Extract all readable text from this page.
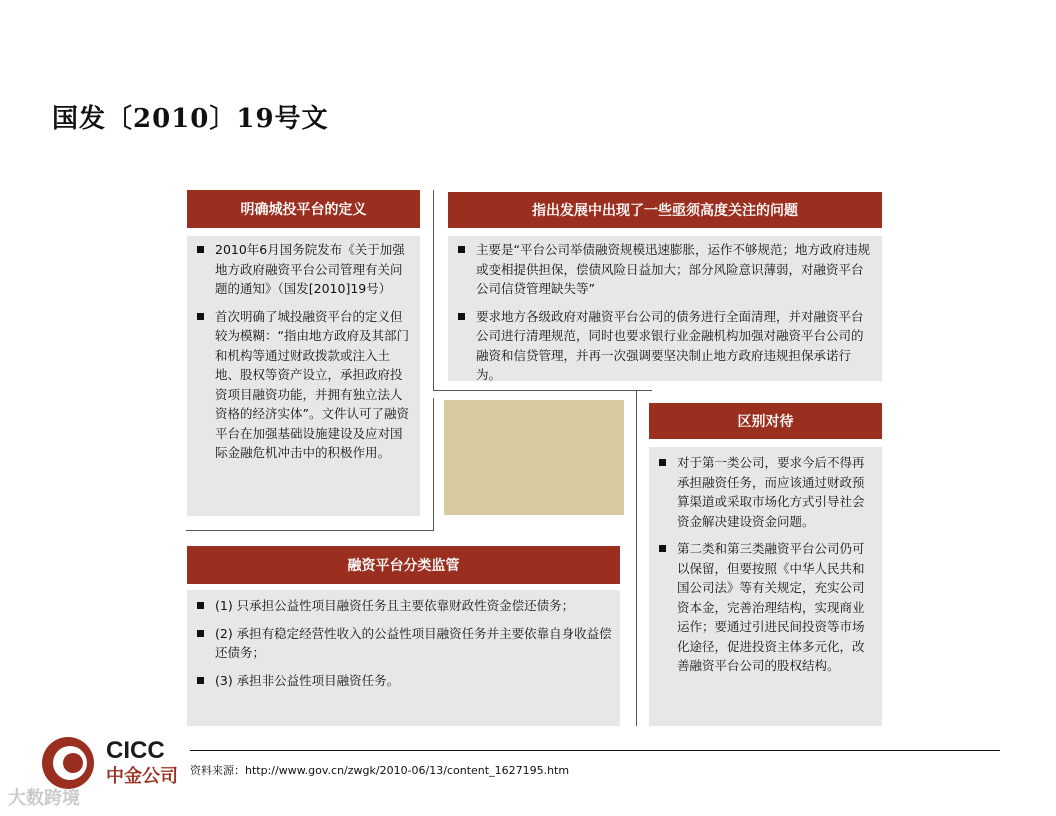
国发〔2010〕19号文
明确城投平台的定义
2010年6月国务院发布《关于加强地方政府融资平台公司管理有关问题的通知》（国发[2010]19号）
首次明确了城投融资平台的定义但较为模糊：“指由地方政府及其部门和机构等通过财政拨款或注入土地、股权等资产设立，承担政府投资项目融资功能，并拥有独立法人资格的经济实体”。文件认可了融资平台在加强基础设施建设及应对国际金融危机冲击中的积极作用。
指出发展中出现了一些亟须高度关注的问题
主要是“平台公司举债融资规模迅速膨胀，运作不够规范；地方政府违规或变相提供担保，偿债风险日益加大；部分风险意识薄弱，对融资平台公司信贷管理缺失等”
要求地方各级政府对融资平台公司的债务进行全面清理，并对融资平台公司进行清理规范，同时也要求银行业金融机构加强对融资平台公司的融资和信贷管理，并再一次强调要坚决制止地方政府违规担保承诺行为。
区别对待
对于第一类公司，要求今后不得再承担融资任务，而应该通过财政预算渠道或采取市场化方式引导社会资金解决建设资金问题。
第二类和第三类融资平台公司仍可以保留，但要按照《中华人民共和国公司法》等有关规定，充实公司资本金，完善治理结构，实现商业运作；要通过引进民间投资等市场化途径，促进投资主体多元化，改善融资平台公司的股权结构。
融资平台分类监管
(1) 只承担公益性项目融资任务且主要依靠财政性资金偿还债务；
(2) 承担有稳定经营性收入的公益性项目融资任务并主要依靠自身收益偿还债务；
(3) 承担非公益性项目融资任务。
资料来源：http://www.gov.cn/zwgk/2010-06/13/content_1627195.htm
CICC
中金公司
大数跨境
